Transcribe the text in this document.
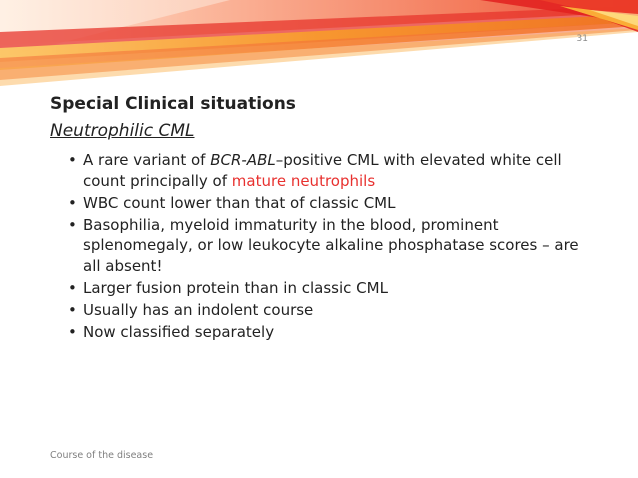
31
Special Clinical situations
Neutrophilic CML
• A rare variant of BCR-ABL–positive CML with elevated white cell count principally of mature neutrophils
• WBC count lower than that of classic CML
• Basophilia, myeloid immaturity in the blood, prominent splenomegaly, or low leukocyte alkaline phosphatase scores – are all absent!
• Larger fusion protein than in classic CML
• Usually has an indolent course
• Now classified separately
Course of the disease
